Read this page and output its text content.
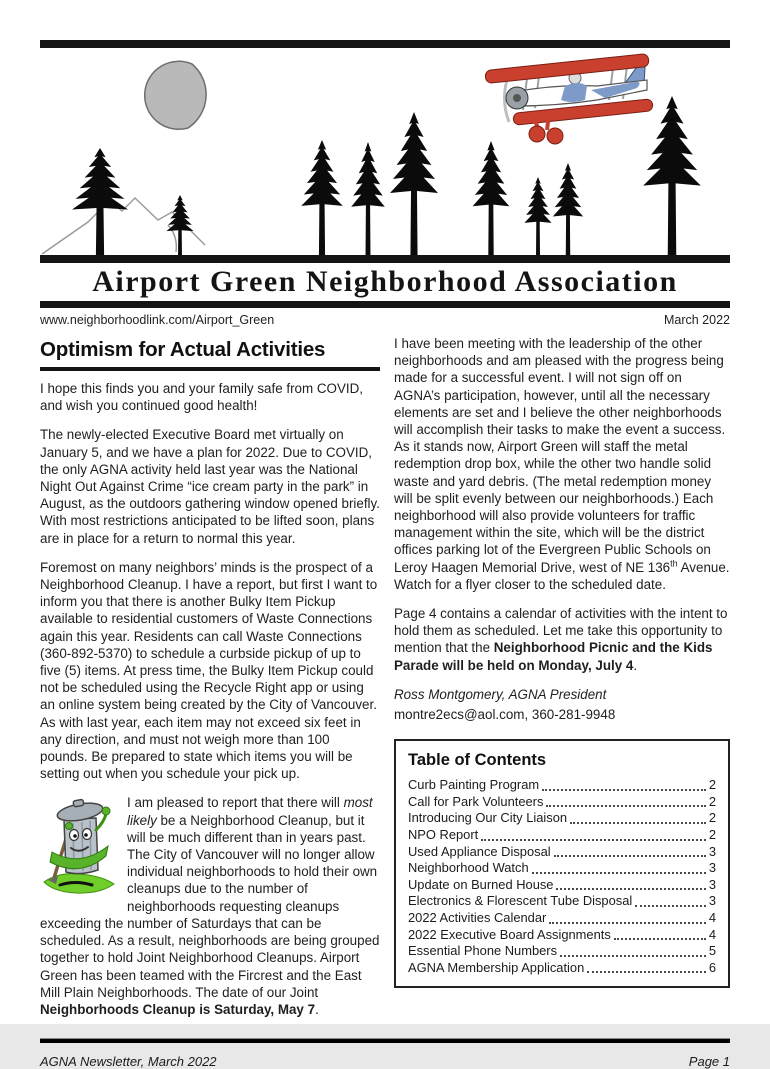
Airport Green Neighborhood Association
www.neighborhoodlink.com/Airport_Green	March 2022
Optimism for Actual Activities

I hope this finds you and your family safe from COVID, and wish you continued good health!

The newly-elected Executive Board met virtually on January 5, and we have a plan for 2022. Due to COVID, the only AGNA activity held last year was the National Night Out Against Crime “ice cream party in the park” in August, as the outdoors gathering window opened briefly. With most restrictions anticipated to be lifted soon, plans are in place for a return to normal this year.

Foremost on many neighbors’ minds is the prospect of a Neighborhood Cleanup. I have a report, but first I want to inform you that there is another Bulky Item Pickup available to residential customers of Waste Connections again this year. Residents can call Waste Connections (360-892-5370) to schedule a curbside pickup of up to five (5) items. At press time, the Bulky Item Pickup could not be scheduled using the Recycle Right app or using an online system being created by the City of Vancouver. As with last year, each item may not exceed six feet in any direction, and must not weigh more than 100 pounds. Be prepared to state which items you will be setting out when you schedule your pick up.

I am pleased to report that there will most likely be a Neighborhood Cleanup, but it will be much different than in years past. The City of Vancouver will no longer allow individual neighborhoods to hold their own cleanups due to the number of neighborhoods requesting cleanups exceeding the number of Saturdays that can be scheduled. As a result, neighborhoods are being grouped together to hold Joint Neighborhood Cleanups. Airport Green has been teamed with the Fircrest and the East Mill Plain Neighborhoods. The date of our Joint Neighborhoods Cleanup is Saturday, May 7.

I have been meeting with the leadership of the other neighborhoods and am pleased with the progress being made for a successful event. I will not sign off on AGNA’s participation, however, until all the necessary elements are set and I believe the other neighborhoods will accomplish their tasks to make the event a success. As it stands now, Airport Green will staff the metal redemption drop box, while the other two handle solid waste and yard debris. (The metal redemption money will be split evenly between our neighborhoods.) Each neighborhood will also provide volunteers for traffic management within the site, which will be the district offices parking lot of the Evergreen Public Schools on Leroy Haagen Memorial Drive, west of NE 136th Avenue. Watch for a flyer closer to the scheduled date.

Page 4 contains a calendar of activities with the intent to hold them as scheduled. Let me take this opportunity to mention that the Neighborhood Picnic and the Kids Parade will be held on Monday, July 4.

Ross Montgomery, AGNA President

montre2ecs@aol.com, 360-281-9948

Table of Contents
Curb Painting Program	2
Call for Park Volunteers	2
Introducing Our City Liaison	2
NPO Report	2
Used Appliance Disposal	3
Neighborhood Watch	3
Update on Burned House	3
Electronics & Florescent Tube Disposal	3
2022 Activities Calendar	4
2022 Executive Board Assignments	4
Essential Phone Numbers	5
AGNA Membership Application	6
AGNA Newsletter, March 2022	Page 1
